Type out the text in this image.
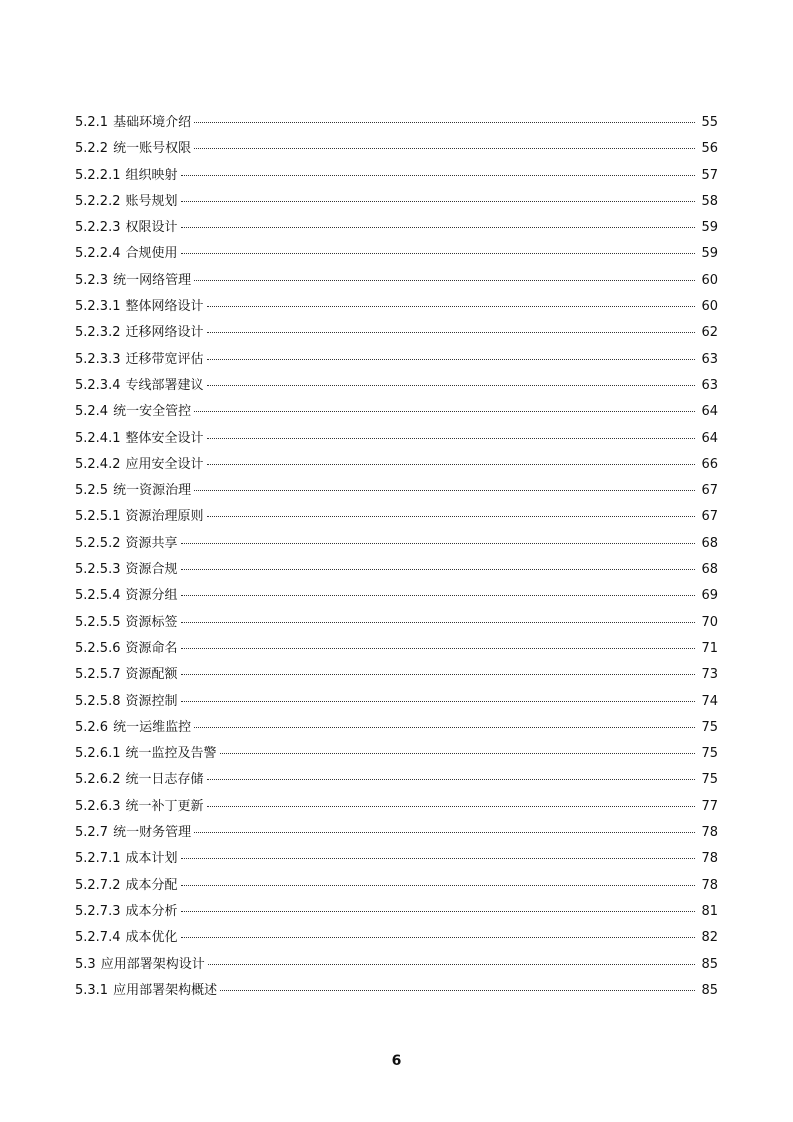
5.2.1 基础环境介绍	55
5.2.2 统一账号权限	56
5.2.2.1 组织映射	57
5.2.2.2 账号规划	58
5.2.2.3 权限设计	59
5.2.2.4 合规使用	59
5.2.3 统一网络管理	60
5.2.3.1 整体网络设计	60
5.2.3.2 迁移网络设计	62
5.2.3.3 迁移带宽评估	63
5.2.3.4 专线部署建议	63
5.2.4 统一安全管控	64
5.2.4.1 整体安全设计	64
5.2.4.2 应用安全设计	66
5.2.5 统一资源治理	67
5.2.5.1 资源治理原则	67
5.2.5.2 资源共享	68
5.2.5.3 资源合规	68
5.2.5.4 资源分组	69
5.2.5.5 资源标签	70
5.2.5.6 资源命名	71
5.2.5.7 资源配额	73
5.2.5.8 资源控制	74
5.2.6 统一运维监控	75
5.2.6.1 统一监控及告警	75
5.2.6.2 统一日志存储	75
5.2.6.3 统一补丁更新	77
5.2.7 统一财务管理	78
5.2.7.1 成本计划	78
5.2.7.2 成本分配	78
5.2.7.3 成本分析	81
5.2.7.4 成本优化	82
5.3 应用部署架构设计	85
5.3.1 应用部署架构概述	85
6
